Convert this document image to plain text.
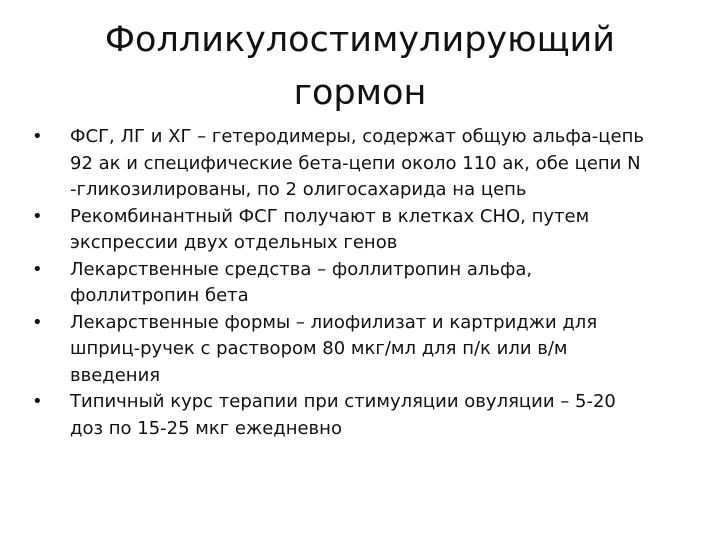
Фолликулостимулирующий
гормон
• ФСГ, ЛГ и ХГ – гетеродимеры, содержат общую альфа-цепь
92 ак и специфические бета-цепи около 110 ак, обе цепи N
-гликозилированы, по 2 олигосахарида на цепь
• Рекомбинантный ФСГ получают в клетках СНО, путем
экспрессии двух отдельных генов
• Лекарственные средства – фоллитропин альфа,
фоллитропин бета
• Лекарственные формы – лиофилизат и картриджи для
шприц-ручек с раствором 80 мкг/мл для п/к или в/м
введения
• Типичный курс терапии при стимуляции овуляции – 5-20
доз по 15-25 мкг ежедневно
